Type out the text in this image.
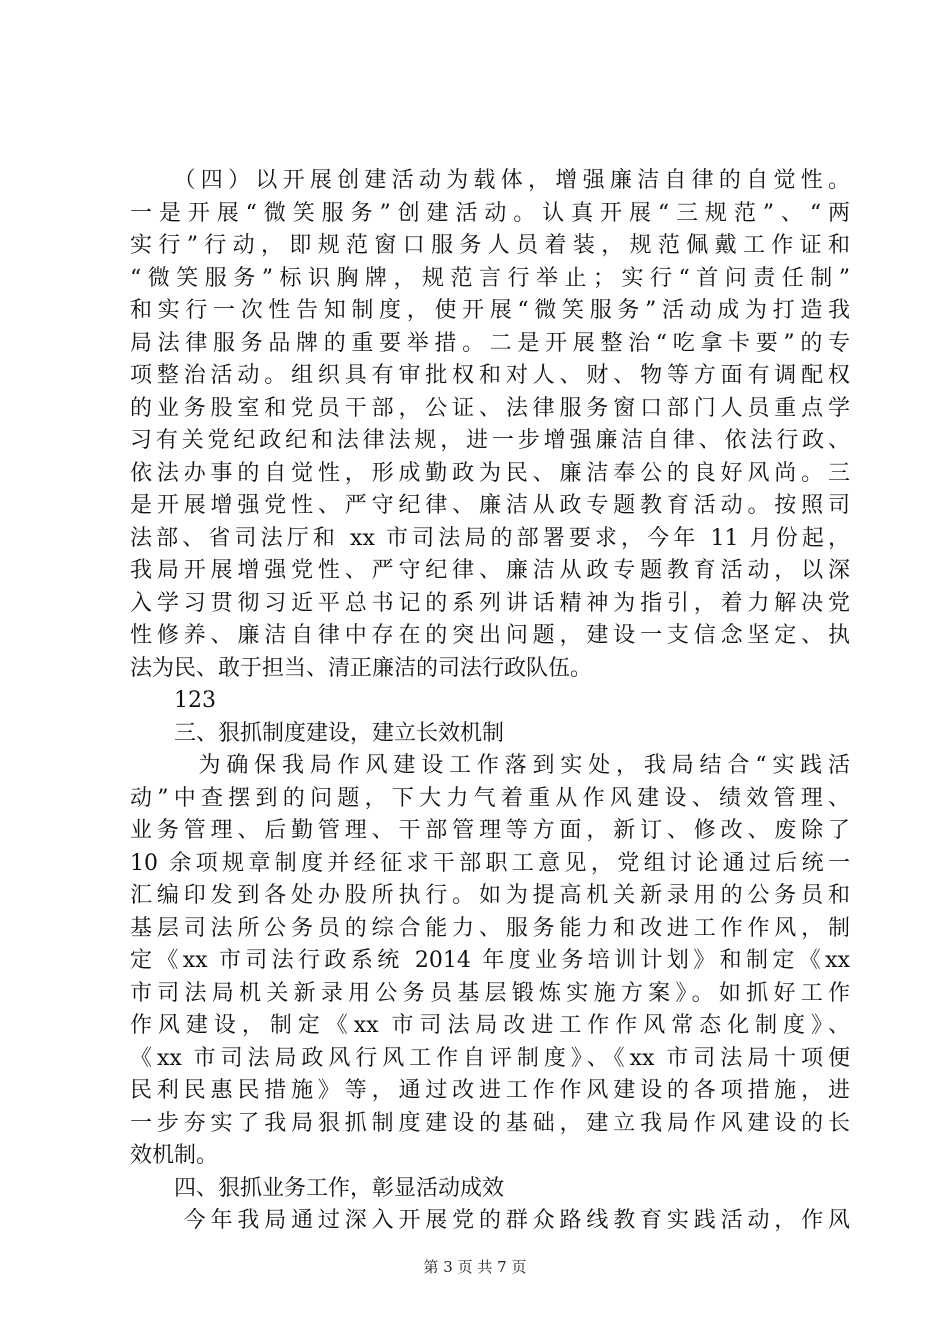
　　（四）以开展创建活动为载体，增强廉洁自律的自觉性。
一是开展“微笑服务”创建活动。认真开展“三规范”、“两
实行”行动，即规范窗口服务人员着装，规范佩戴工作证和
“微笑服务”标识胸牌，规范言行举止；实行“首问责任制”
和实行一次性告知制度，使开展“微笑服务”活动成为打造我
局法律服务品牌的重要举措。二是开展整治“吃拿卡要”的专
项整治活动。组织具有审批权和对人、财、物等方面有调配权
的业务股室和党员干部，公证、法律服务窗口部门人员重点学
习有关党纪政纪和法律法规，进一步增强廉洁自律、依法行政、
依法办事的自觉性，形成勤政为民、廉洁奉公的良好风尚。三
是开展增强党性、严守纪律、廉洁从政专题教育活动。按照司
法部、省司法厅和 xx 市司法局的部署要求，今年 11 月份起，
我局开展增强党性、严守纪律、廉洁从政专题教育活动，以深
入学习贯彻习近平总书记的系列讲话精神为指引，着力解决党
性修养、廉洁自律中存在的突出问题，建设一支信念坚定、执
法为民、敢于担当、清正廉洁的司法行政队伍。
　　123
　　三、狠抓制度建设，建立长效机制
　　 为确保我局作风建设工作落到实处，我局结合“实践活
动”中查摆到的问题，下大力气着重从作风建设、绩效管理、
业务管理、后勤管理、干部管理等方面，新订、修改、废除了
10 余项规章制度并经征求干部职工意见，党组讨论通过后统一
汇编印发到各处办股所执行。如为提高机关新录用的公务员和
基层司法所公务员的综合能力、服务能力和改进工作作风，制
定《xx 市司法行政系统 2014 年度业务培训计划》和制定《xx
市司法局机关新录用公务员基层锻炼实施方案》。如抓好工作
作风建设，制定《xx 市司法局改进工作作风常态化制度》、
《xx 市司法局政风行风工作自评制度》、《xx 市司法局十项便
民利民惠民措施》等，通过改进工作作风建设的各项措施，进
一步夯实了我局狠抓制度建设的基础，建立我局作风建设的长
效机制。
　　四、狠抓业务工作，彰显活动成效
　　今年我局通过深入开展党的群众路线教育实践活动，作风
第 3 页 共 7 页
